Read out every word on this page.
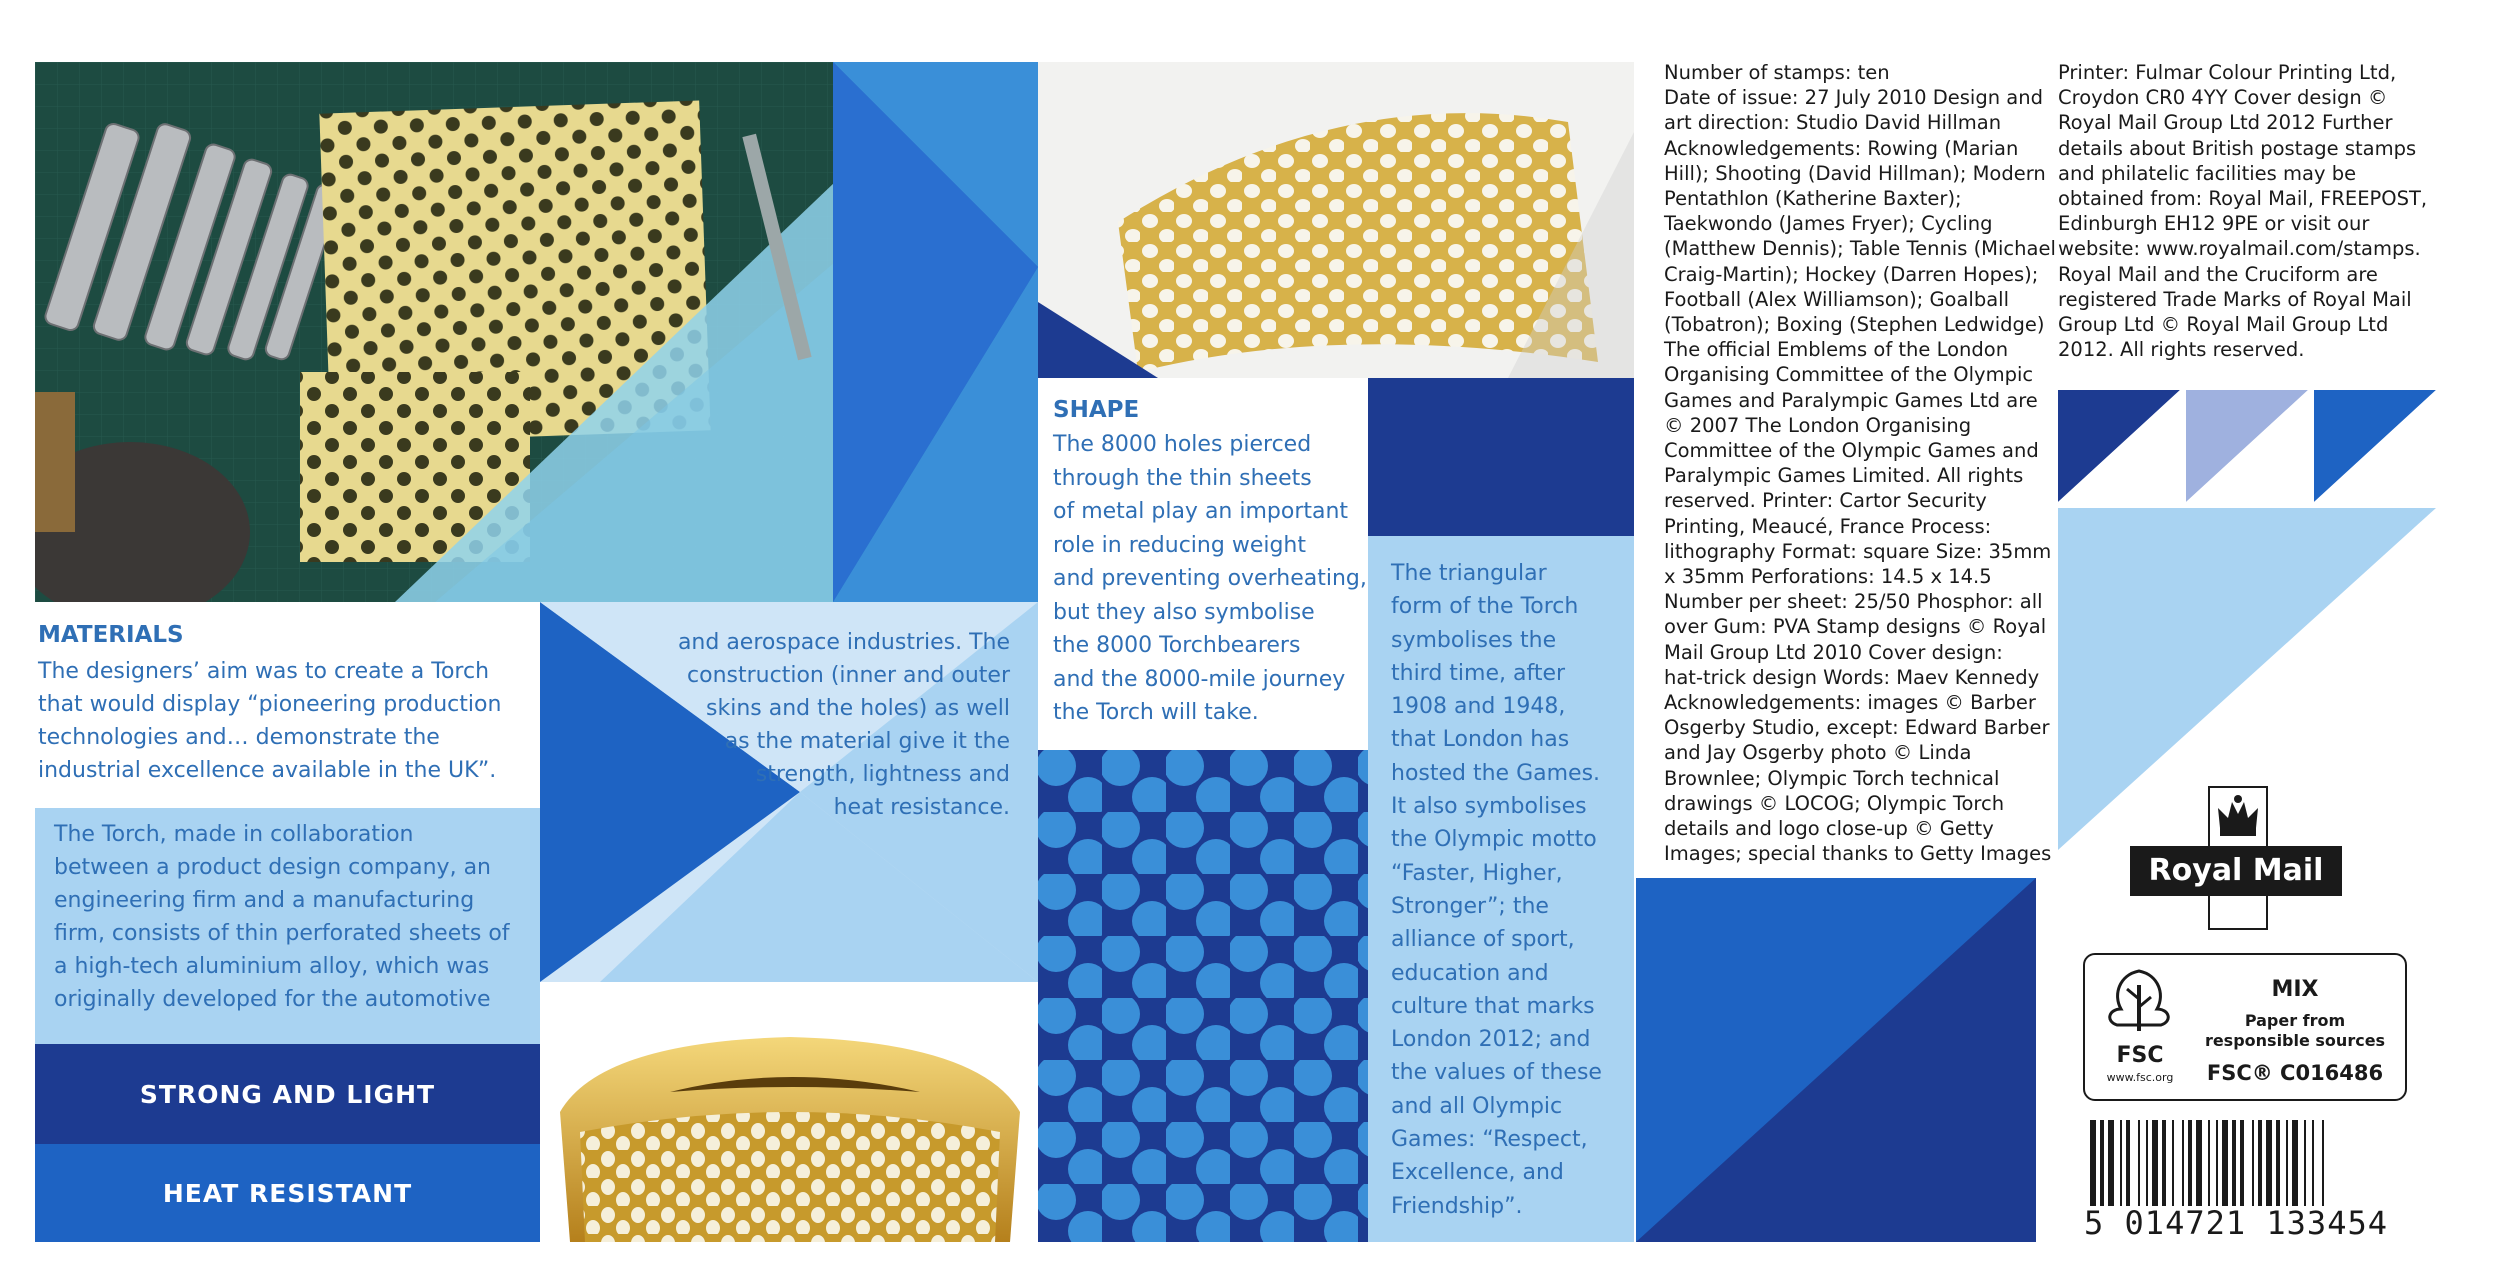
MATERIALS
The designers’ aim was to create a Torch
that would display “pioneering production
technologies and… demonstrate the
industrial excellence available in the UK”.
The Torch, made in collaboration
between a product design company, an
engineering firm and a manufacturing
firm, consists of thin perforated sheets of
a high-tech aluminium alloy, which was
originally developed for the automotive
STRONG AND LIGHT
HEAT RESISTANT
and aerospace industries. The
construction (inner and outer
skins and the holes) as well
as the material give it the
strength, lightness and
heat resistance.
SHAPE
The 8000 holes pierced
through the thin sheets
of metal play an important
role in reducing weight
and preventing overheating,
but they also symbolise
the 8000 Torchbearers
and the 8000-mile journey
the Torch will take.
The triangular
form of the Torch
symbolises the
third time, after
1908 and 1948,
that London has
hosted the Games.
It also symbolises
the Olympic motto
“Faster, Higher,
Stronger”; the
alliance of sport,
education and
culture that marks
London 2012; and
the values of these
and all Olympic
Games: “Respect,
Excellence, and
Friendship”.
Number of stamps: ten
Date of issue: 27 July 2010 Design and
art direction: Studio David Hillman
Acknowledgements: Rowing (Marian
Hill); Shooting (David Hillman); Modern
Pentathlon (Katherine Baxter);
Taekwondo (James Fryer); Cycling
(Matthew Dennis); Table Tennis (Michael
Craig-Martin); Hockey (Darren Hopes);
Football (Alex Williamson); Goalball
(Tobatron); Boxing (Stephen Ledwidge)
The official Emblems of the London
Organising Committee of the Olympic
Games and Paralympic Games Ltd are
© 2007 The London Organising
Committee of the Olympic Games and
Paralympic Games Limited. All rights
reserved. Printer: Cartor Security
Printing, Meaucé, France Process:
lithography Format: square Size: 35mm
x 35mm Perforations: 14.5 x 14.5
Number per sheet: 25/50 Phosphor: all
over Gum: PVA Stamp designs © Royal
Mail Group Ltd 2010 Cover design:
hat-trick design Words: Maev Kennedy
Acknowledgements: images © Barber
Osgerby Studio, except: Edward Barber
and Jay Osgerby photo © Linda
Brownlee; Olympic Torch technical
drawings © LOCOG; Olympic Torch
details and logo close-up © Getty
Images; special thanks to Getty Images
Printer: Fulmar Colour Printing Ltd,
Croydon CR0 4YY Cover design ©
Royal Mail Group Ltd 2012 Further
details about British postage stamps
and philatelic facilities may be
obtained from: Royal Mail, FREEPOST,
Edinburgh EH12 9PE or visit our
website: www.royalmail.com/stamps.
Royal Mail and the Cruciform are
registered Trade Marks of Royal Mail
Group Ltd © Royal Mail Group Ltd
2012. All rights reserved.
Royal Mail
FSC
www.fsc.org
MIX
Paper from
responsible sources
FSC® C016486
5 014721 133454
